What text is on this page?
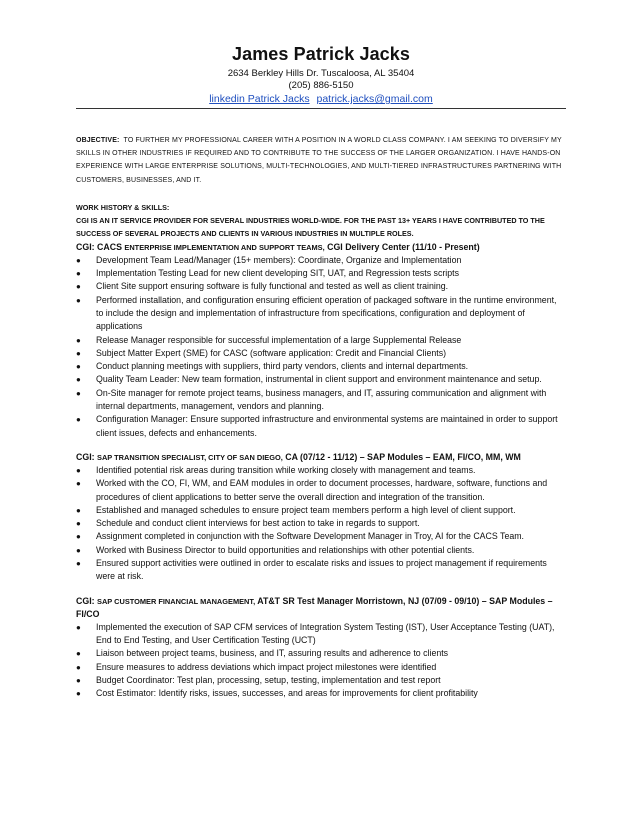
James Patrick Jacks
2634 Berkley Hills Dr. Tuscaloosa, AL 35404
(205) 886-5150
linkedin Patrick Jacks patrick.jacks@gmail.com
OBJECTIVE: TO FURTHER MY PROFESSIONAL CAREER WITH A POSITION IN A WORLD CLASS COMPANY. I AM SEEKING TO DIVERSIFY MY SKILLS IN OTHER INDUSTRIES IF REQUIRED AND TO CONTRIBUTE TO THE SUCCESS OF THE LARGER ORGANIZATION. I HAVE HANDS-ON EXPERIENCE WITH LARGE ENTERPRISE SOLUTIONS, MULTI-TECHNOLOGIES, AND MULTI-TIERED INFRASTRUCTURES PARTNERING WITH CUSTOMERS, BUSINESSES, AND IT.
WORK HISTORY & SKILLS:
CGI IS AN IT SERVICE PROVIDER FOR SEVERAL INDUSTRIES WORLD-WIDE. FOR THE PAST 13+ YEARS I HAVE CONTRIBUTED TO THE SUCCESS OF SEVERAL PROJECTS AND CLIENTS IN VARIOUS INDUSTRIES IN MULTIPLE ROLES.
CGI: CACS ENTERPRISE IMPLEMENTATION AND SUPPORT TEAMS, CGI Delivery Center (11/10 - Present)
● Development Team Lead/Manager (15+ members): Coordinate, Organize and Implementation
● Implementation Testing Lead for new client developing SIT, UAT, and Regression tests scripts
● Client Site support ensuring software is fully functional and tested as well as client training.
● Performed installation, and configuration ensuring efficient operation of packaged software in the runtime environment, to include the design and implementation of infrastructure from specifications, configuration and deployment of applications
● Release Manager responsible for successful implementation of a large Supplemental Release
● Subject Matter Expert (SME) for CASC (software application: Credit and Financial Clients)
● Conduct planning meetings with suppliers, third party vendors, clients and internal departments.
● Quality Team Leader: New team formation, instrumental in client support and environment maintenance and setup.
● On-Site manager for remote project teams, business managers, and IT, assuring communication and alignment with internal departments, management, vendors and planning.
● Configuration Manager: Ensure supported infrastructure and environmental systems are maintained in order to support client issues, defects and enhancements.
CGI: SAP TRANSITION SPECIALIST, CITY OF SAN DIEGO, CA (07/12 - 11/12) – SAP Modules – EAM, FI/CO, MM, WM
● Identified potential risk areas during transition while working closely with management and teams.
● Worked with the CO, FI, WM, and EAM modules in order to document processes, hardware, software, functions and procedures of client applications to better serve the overall direction and integration of the transition.
● Established and managed schedules to ensure project team members perform a high level of client support.
● Schedule and conduct client interviews for best action to take in regards to support.
● Assignment completed in conjunction with the Software Development Manager in Troy, AI for the CACS Team.
● Worked with Business Director to build opportunities and relationships with other potential clients.
● Ensured support activities were outlined in order to escalate risks and issues to project management if requirements were at risk.
CGI: SAP CUSTOMER FINANCIAL MANAGEMENT, AT&T SR Test Manager Morristown, NJ (07/09 - 09/10) – SAP Modules – FI/CO
● Implemented the execution of SAP CFM services of Integration System Testing (IST), User Acceptance Testing (UAT), End to End Testing, and User Certification Testing (UCT)
● Liaison between project teams, business, and IT, assuring results and adherence to clients
● Ensure measures to address deviations which impact project milestones were identified
● Budget Coordinator: Test plan, processing, setup, testing, implementation and test report
● Cost Estimator: Identify risks, issues, successes, and areas for improvements for client profitability
